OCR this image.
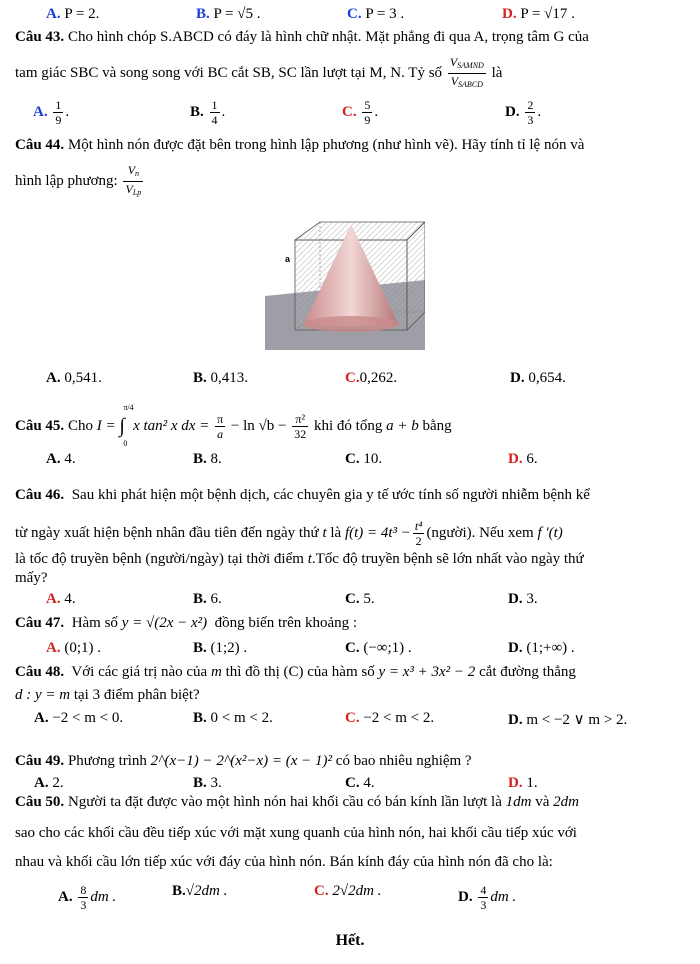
A. P = 2.	B. P = √5 .	C. P = 3 .	D. P = √17 .
Câu 43. Cho hình chóp S.ABCD có đáy là hình chữ nhật. Mặt phẳng đi qua A, trọng tâm G của
tam giác SBC và song song với BC cắt SB, SC lần lượt tại M, N. Tỷ số $\frac{V_{SAMND}}{V_{SABCD}}$ là
A. $\frac{1}{9}$ .	B. $\frac{1}{4}$ .	C. $\frac{5}{9}$ .	D. $\frac{2}{3}$ .
Câu 44. Một hình nón được đặt bên trong hình lập phương (như hình vẽ). Hãy tính tỉ lệ nón và
hình lập phương: $\frac{V_n}{V_{Lp}}$
a
A. 0,541.	B. 0,413.	C.0,262.	D. 0,654.
Câu 45. Cho I = ∫
π/4
0
x tan² x dx = $\frac{\pi}{a} - \ln √b - \frac{\text{π²}}{32}$ khi đó tổng a + b bằng
A. 4.	B. 8.	C. 10.	D. 6.
Câu 46. Sau khi phát hiện một bệnh dịch, các chuyên gia y tế ước tính số người nhiễm bệnh kể
từ ngày xuất hiện bệnh nhân đầu tiên đến ngày thứ t là $f(t) = 4t^3 - \frac{\text{t⁴}}{2}$ (người). Nếu xem f '(t)
là tốc độ truyền bệnh (người/ngày) tại thời điểm t.Tốc độ truyền bệnh sẽ lớn nhất vào ngày thứ
mấy?
A. 4.	B. 6.	C. 5.	D. 3.
Câu 47. Hàm số y = √(2x − x²) đồng biến trên khoảng :
A. (0;1) .	B. (1;2) .	C. (−∞;1) .	D. (1;+∞) .
Câu 48. Với các giá trị nào của m thì đồ thị (C) của hàm số y = x³ + 3x² − 2 cắt đường thẳng
d : y = m tại 3 điểm phân biệt?
A. −2 < m < 0.	B. 0 < m < 2.	C. −2 < m < 2.	D. m < −2 ∨ m > 2.
Câu 49. Phương trình 2^(x−1) − 2^(x²−x) = (x − 1)² có bao nhiêu nghiệm ?
A. 2.	B. 3.	C. 4.	D. 1.
Câu 50. Người ta đặt được vào một hình nón hai khối cầu có bán kính lần lượt là 1dm và 2dm
sao cho các khối cầu đều tiếp xúc với mặt xung quanh của hình nón, hai khối cầu tiếp xúc với
nhau và khối cầu lớn tiếp xúc với đáy của hình nón. Bán kính đáy của hình nón đã cho là:
A. $\frac{8}{3}$ dm .	B.√2dm .	C. 2√2dm .	D. $\frac{4}{3}$ dm .
Hết.
